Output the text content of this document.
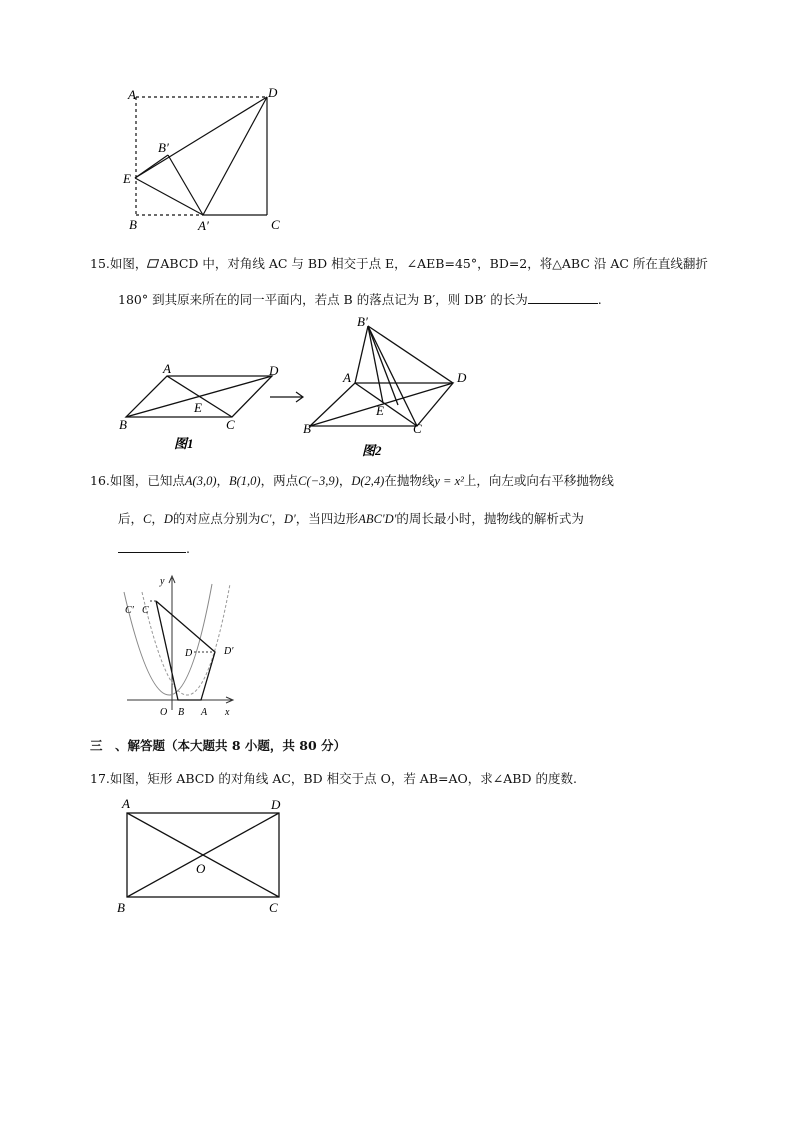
A	D
B′
E
B	A′	C
15.如图， ABCD 中，对角线 AC 与 BD 相交于点 E，∠AEB=45°，BD=2，将△ABC 沿 AC 所在直线翻折
180° 到其原来所在的同一平面内，若点 B 的落点记为 B′，则 DB′ 的长为	.
A	D
E
B	C
图1
B′
A	D
E
B	C
图2
16.如图，已知点A(3,0)，B(1,0)，两点C(−3,9)，D(2,4)在抛物线y = x²上，向左或向右平移抛物线
后，C，D的对应点分别为C′，D′，当四边形ABC′D′的周长最小时，抛物线的解析式为
.
y
C′ C
D	D′
O B A x
三　、解答题（本大题共 8 小题，共 80 分）
17.如图，矩形 ABCD 的对角线 AC，BD 相交于点 O，若 AB=AO，求∠ABD 的度数.
A	D
O
B	C
